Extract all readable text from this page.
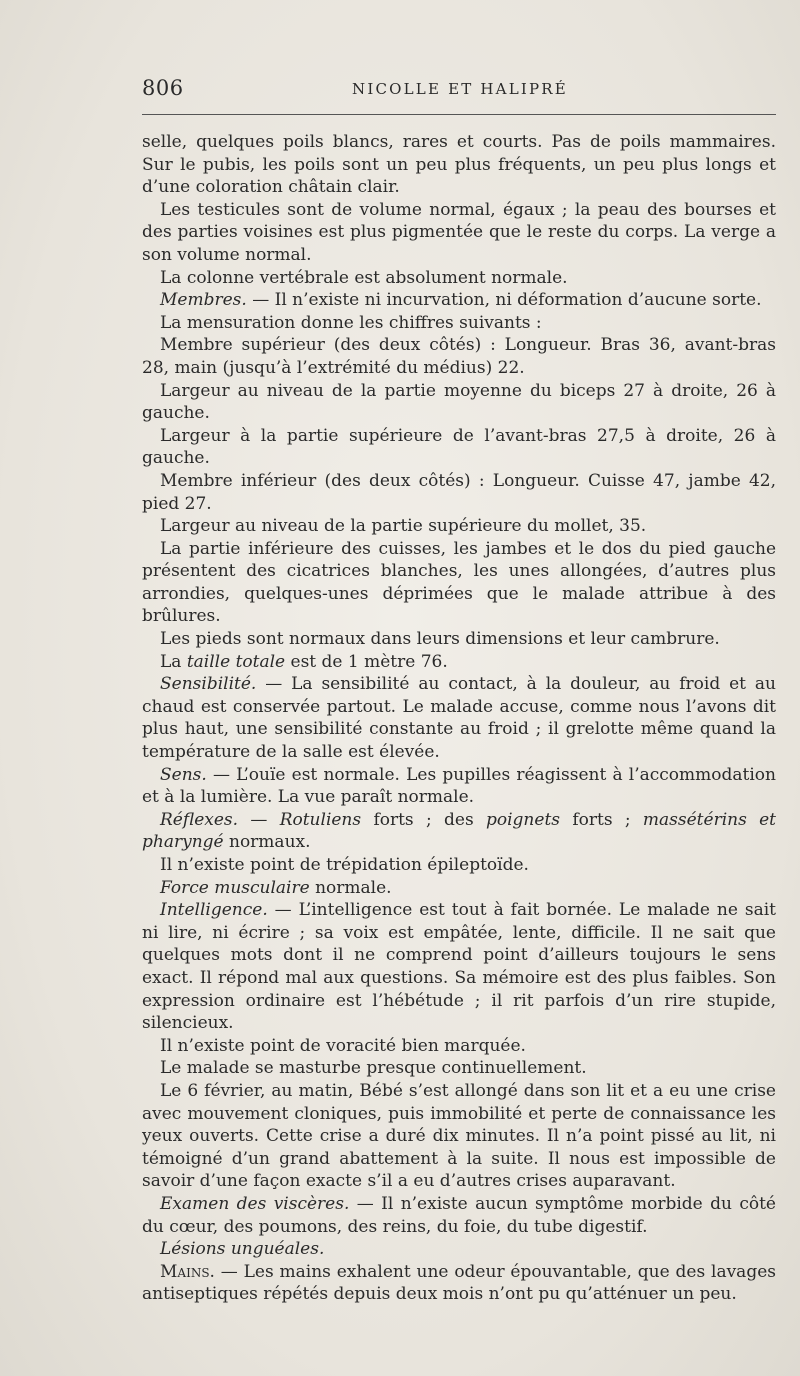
806	NICOLLE ET HALIPRÉ

selle, quelques poils blancs, rares et courts. Pas de poils mammaires. Sur le pubis, les poils sont un peu plus fréquents, un peu plus longs et d’une coloration châtain clair.

Les testicules sont de volume normal, égaux ; la peau des bourses et des parties voisines est plus pigmentée que le reste du corps. La verge a son volume normal.

La colonne vertébrale est absolument normale.

Membres. — Il n’existe ni incurvation, ni déformation d’aucune sorte.

La mensuration donne les chiffres suivants :

Membre supérieur (des deux côtés) : Longueur. Bras 36, avant-bras 28, main (jusqu’à l’extrémité du médius) 22.

Largeur au niveau de la partie moyenne du biceps 27 à droite, 26 à gauche.

Largeur à la partie supérieure de l’avant-bras 27,5 à droite, 26 à gauche.

Membre inférieur (des deux côtés) : Longueur. Cuisse 47, jambe 42, pied 27.

Largeur au niveau de la partie supérieure du mollet, 35.

La partie inférieure des cuisses, les jambes et le dos du pied gauche présentent des cicatrices blanches, les unes allongées, d’autres plus arrondies, quelques-unes déprimées que le malade attribue à des brûlures.

Les pieds sont normaux dans leurs dimensions et leur cambrure.

La taille totale est de 1 mètre 76.

Sensibilité. — La sensibilité au contact, à la douleur, au froid et au chaud est conservée partout. Le malade accuse, comme nous l’avons dit plus haut, une sensibilité constante au froid ; il grelotte même quand la température de la salle est élevée.

Sens. — L’ouïe est normale. Les pupilles réagissent à l’accommodation et à la lumière. La vue paraît normale.

Réflexes. — Rotuliens forts ; des poignets forts ; massétérins et pharyngé normaux.

Il n’existe point de trépidation épileptoïde.

Force musculaire normale.

Intelligence. — L’intelligence est tout à fait bornée. Le malade ne sait ni lire, ni écrire ; sa voix est empâtée, lente, difficile. Il ne sait que quelques mots dont il ne comprend point d’ailleurs toujours le sens exact. Il répond mal aux questions. Sa mémoire est des plus faibles. Son expression ordinaire est l’hébétude ; il rit parfois d’un rire stupide, silencieux.

Il n’existe point de voracité bien marquée.

Le malade se masturbe presque continuellement.

Le 6 février, au matin, Bébé s’est allongé dans son lit et a eu une crise avec mouvement cloniques, puis immobilité et perte de connaissance les yeux ouverts. Cette crise a duré dix minutes. Il n’a point pissé au lit, ni témoigné d’un grand abattement à la suite. Il nous est impossible de savoir d’une façon exacte s’il a eu d’autres crises auparavant.

Examen des viscères. — Il n’existe aucun symptôme morbide du côté du cœur, des poumons, des reins, du foie, du tube digestif.

Lésions unguéales.

Mains. — Les mains exhalent une odeur épouvantable, que des lavages antiseptiques répétés depuis deux mois n’ont pu qu’atténuer un peu.
